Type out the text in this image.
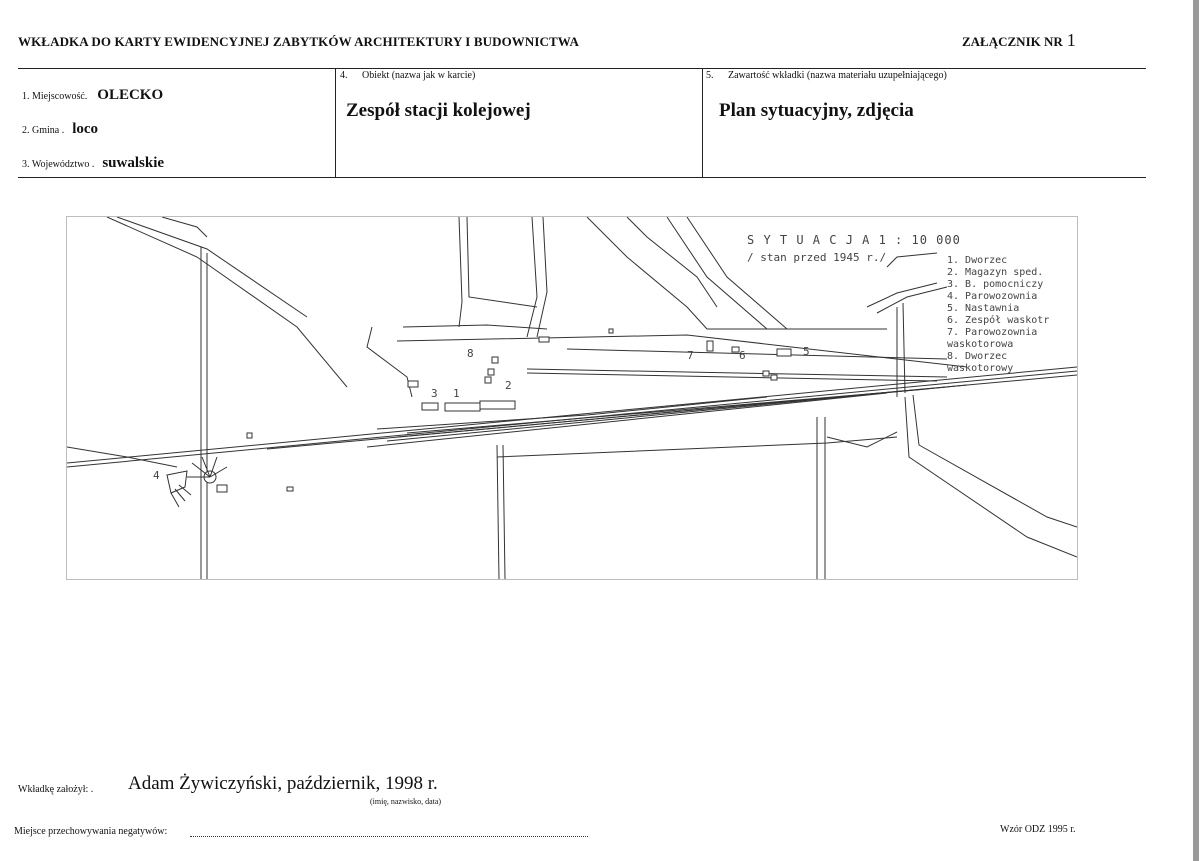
WKŁADKA DO KARTY EWIDENCYJNEJ ZABYTKÓW ARCHITEKTURY I BUDOWNICTWA	ZAŁĄCZNIK NR 1
1. Miejscowość. OLECKO
2. Gmina . loco
3. Województwo . suwalskie
4. Obiekt (nazwa jak w karcie)
Zespół stacji kolejowej
5. Zawartość wkładki (nazwa materiału uzupełniającego)
Plan sytuacyjny, zdjęcia
S Y T U A C J A 1 : 10 000
/ stan przed 1945 r./	1. Dworzec
2. Magazyn sped.
3. B. pomocniczy
4. Parowozownia
5. Nastawnia
6. Zespół waskotr
7. Parowozownia
waskotorowa
8. Dworzec
waskotorowy
1
2
3
4
5
6
7
8
Wkładkę założył: . Adam Żywiczyński, październik, 1998 r.
(imię, nazwisko, data)
Miejsce przechowywania negatywów:	Wzór ODZ 1995 r.
